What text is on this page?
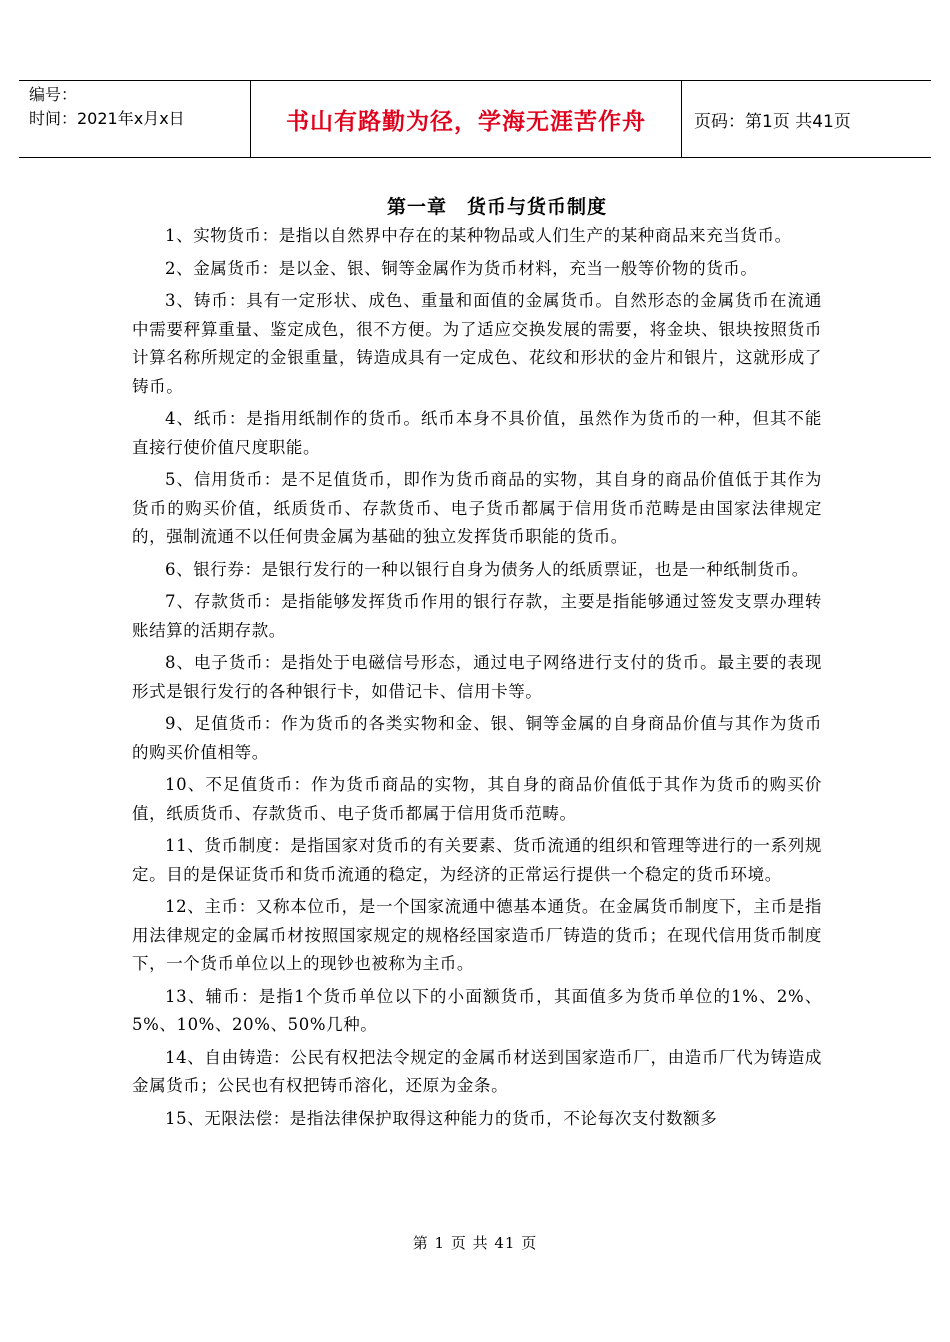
编号：
时间：2021年x月x日	书山有路勤为径，学海无涯苦作舟	页码：第1页 共41页
第一章　货币与货币制度

1、实物货币：是指以自然界中存在的某种物品或人们生产的某种商品来充当货币。

2、金属货币：是以金、银、铜等金属作为货币材料，充当一般等价物的货币。

3、铸币：具有一定形状、成色、重量和面值的金属货币。自然形态的金属货币在流通中需要秤算重量、鉴定成色，很不方便。为了适应交换发展的需要，将金块、银块按照货币计算名称所规定的金银重量，铸造成具有一定成色、花纹和形状的金片和银片，这就形成了铸币。

4、纸币：是指用纸制作的货币。纸币本身不具价值，虽然作为货币的一种，但其不能直接行使价值尺度职能。

5、信用货币：是不足值货币，即作为货币商品的实物，其自身的商品价值低于其作为货币的购买价值，纸质货币、存款货币、电子货币都属于信用货币范畴是由国家法律规定的，强制流通不以任何贵金属为基础的独立发挥货币职能的货币。

6、银行券：是银行发行的一种以银行自身为债务人的纸质票证，也是一种纸制货币。

7、存款货币：是指能够发挥货币作用的银行存款，主要是指能够通过签发支票办理转账结算的活期存款。

8、电子货币：是指处于电磁信号形态，通过电子网络进行支付的货币。最主要的表现形式是银行发行的各种银行卡，如借记卡、信用卡等。

9、足值货币：作为货币的各类实物和金、银、铜等金属的自身商品价值与其作为货币的购买价值相等。

10、不足值货币：作为货币商品的实物，其自身的商品价值低于其作为货币的购买价值，纸质货币、存款货币、电子货币都属于信用货币范畴。

11、货币制度：是指国家对货币的有关要素、货币流通的组织和管理等进行的一系列规定。目的是保证货币和货币流通的稳定，为经济的正常运行提供一个稳定的货币环境。

12、主币：又称本位币，是一个国家流通中德基本通货。在金属货币制度下，主币是指用法律规定的金属币材按照国家规定的规格经国家造币厂铸造的货币；在现代信用货币制度下，一个货币单位以上的现钞也被称为主币。

13、辅币：是指1个货币单位以下的小面额货币，其面值多为货币单位的1%、2%、5%、10%、20%、50%几种。

14、自由铸造：公民有权把法令规定的金属币材送到国家造币厂，由造币厂代为铸造成金属货币；公民也有权把铸币溶化，还原为金条。

15、无限法偿：是指法律保护取得这种能力的货币，不论每次支付数额多

第 1 页 共 41 页
